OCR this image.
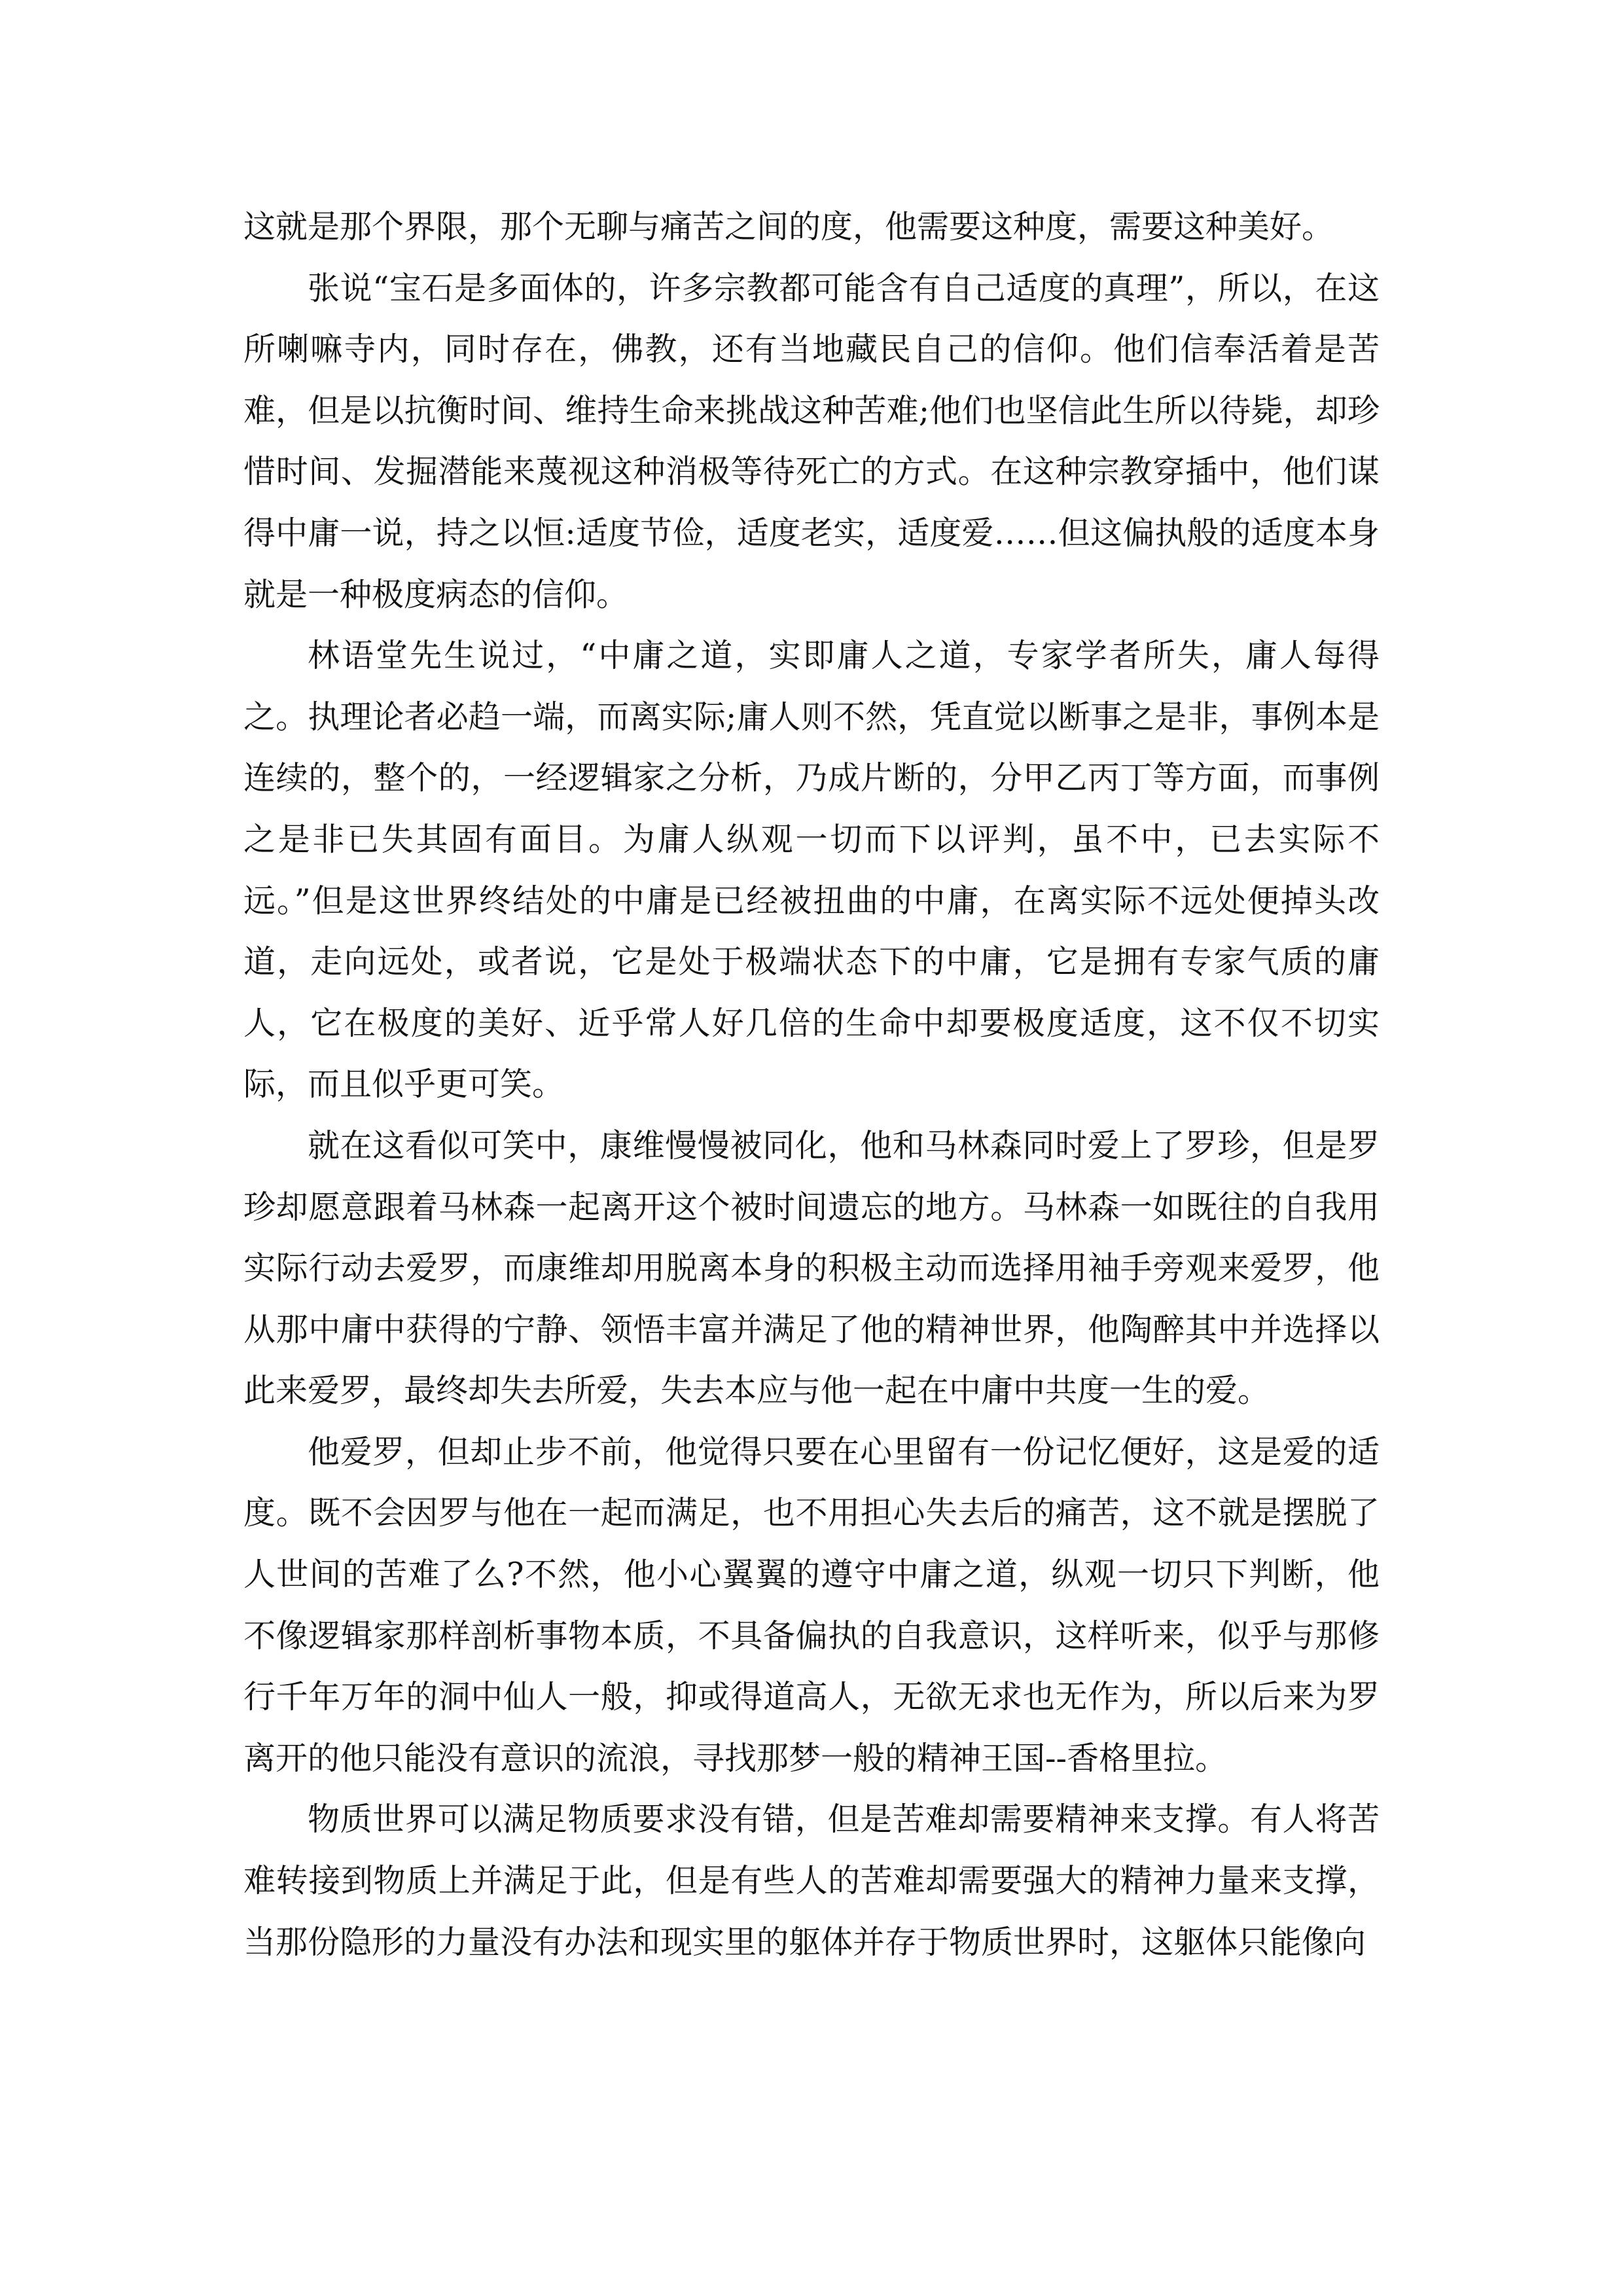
这就是那个界限，那个无聊与痛苦之间的度，他需要这种度，需要这种美好。

张说“宝石是多面体的，许多宗教都可能含有自己适度的真理”，所以，在这所喇嘛寺内，同时存在，佛教，还有当地藏民自己的信仰。他们信奉活着是苦难，但是以抗衡时间、维持生命来挑战这种苦难;他们也坚信此生所以待毙，却珍惜时间、发掘潜能来蔑视这种消极等待死亡的方式。在这种宗教穿插中，他们谋得中庸一说，持之以恒:适度节俭，适度老实，适度爱……但这偏执般的适度本身就是一种极度病态的信仰。

林语堂先生说过，“中庸之道，实即庸人之道，专家学者所失，庸人每得之。执理论者必趋一端，而离实际;庸人则不然，凭直觉以断事之是非，事例本是连续的，整个的，一经逻辑家之分析，乃成片断的，分甲乙丙丁等方面，而事例之是非已失其固有面目。为庸人纵观一切而下以评判，虽不中，已去实际不远。”但是这世界终结处的中庸是已经被扭曲的中庸，在离实际不远处便掉头改道，走向远处，或者说，它是处于极端状态下的中庸，它是拥有专家气质的庸人，它在极度的美好、近乎常人好几倍的生命中却要极度适度，这不仅不切实际，而且似乎更可笑。

就在这看似可笑中，康维慢慢被同化，他和马林森同时爱上了罗珍，但是罗珍却愿意跟着马林森一起离开这个被时间遗忘的地方。马林森一如既往的自我用实际行动去爱罗，而康维却用脱离本身的积极主动而选择用袖手旁观来爱罗，他从那中庸中获得的宁静、领悟丰富并满足了他的精神世界，他陶醉其中并选择以此来爱罗，最终却失去所爱，失去本应与他一起在中庸中共度一生的爱。

他爱罗，但却止步不前，他觉得只要在心里留有一份记忆便好，这是爱的适度。既不会因罗与他在一起而满足，也不用担心失去后的痛苦，这不就是摆脱了人世间的苦难了么?不然，他小心翼翼的遵守中庸之道，纵观一切只下判断，他不像逻辑家那样剖析事物本质，不具备偏执的自我意识，这样听来，似乎与那修行千年万年的洞中仙人一般，抑或得道高人，无欲无求也无作为，所以后来为罗离开的他只能没有意识的流浪，寻找那梦一般的精神王国--香格里拉。

物质世界可以满足物质要求没有错，但是苦难却需要精神来支撑。有人将苦难转接到物质上并满足于此，但是有些人的苦难却需要强大的精神力量来支撑，当那份隐形的力量没有办法和现实里的躯体并存于物质世界时，这躯体只能像向
